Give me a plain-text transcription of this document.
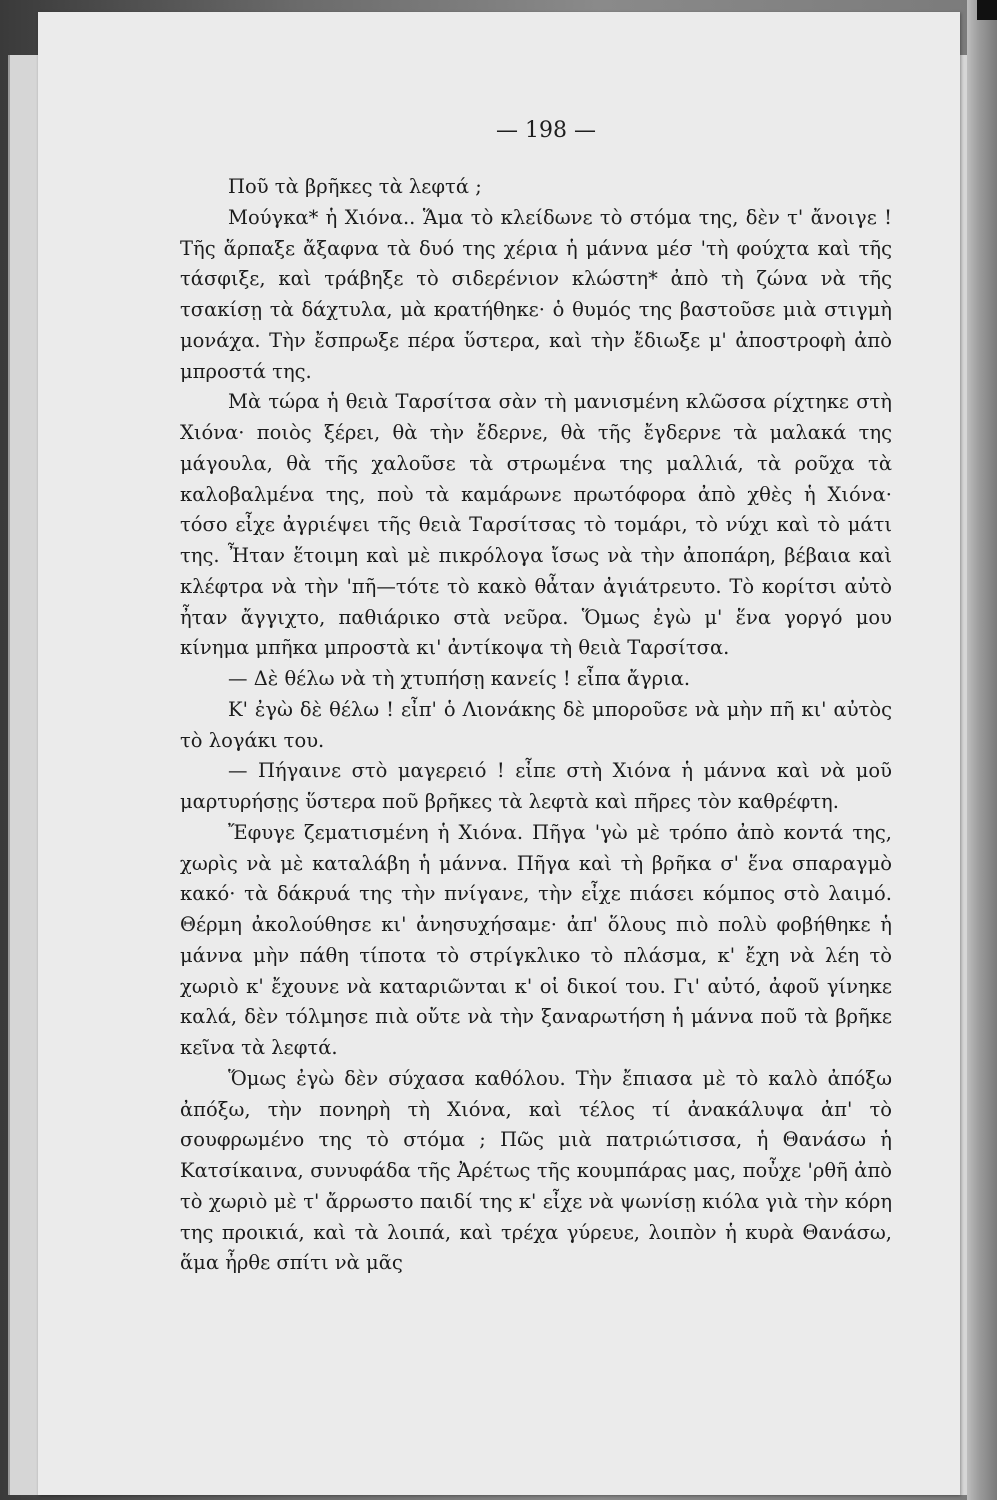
— 198 —

Ποῦ τὰ βρῆκες τὰ λεφτά ;

Μούγκα* ἡ Χιόνα.. Ἅμα τὸ κλείδωνε τὸ στόμα της, δὲν τ' ἄνοιγε ! Τῆς ἅρπαξε ἄξαφνα τὰ δυό της χέρια ἡ μάννα μέσ 'τὴ φούχτα καὶ τῆς τάσφιξε, καὶ τράβηξε τὸ σιδερένιον κλώστη* ἀπὸ τὴ ζώνα νὰ τῆς τσακίσῃ τὰ δάχτυλα, μὰ κρατήθηκε· ὁ θυμός της βαστοῦσε μιὰ στιγμὴ μονάχα. Τὴν ἔσπρωξε πέρα ὕστερα, καὶ τὴν ἔδιωξε μ' ἀποστροφὴ ἀπὸ μπροστά της.

Μὰ τώρα ἡ θειὰ Ταρσίτσα σὰν τὴ μανισμένη κλῶσσα ρίχτηκε στὴ Χιόνα· ποιὸς ξέρει, θὰ τὴν ἔδερνε, θὰ τῆς ἔγδερνε τὰ μαλακά της μάγουλα, θὰ τῆς χαλοῦσε τὰ στρωμένα της μαλλιά, τὰ ροῦχα τὰ καλοβαλμένα της, ποὺ τὰ καμάρωνε πρωτόφορα ἀπὸ χθὲς ἡ Χιόνα· τόσο εἶχε ἀγριέψει τῆς θειὰ Ταρσίτσας τὸ τομάρι, τὸ νύχι καὶ τὸ μάτι της. Ἦταν ἕτοιμη καὶ μὲ πικρόλογα ἴσως νὰ τὴν ἀποπάρη, βέβαια καὶ κλέφτρα νὰ τὴν 'πῆ—τότε τὸ κακὸ θἆταν ἀγιάτρευτο. Τὸ κορίτσι αὐτὸ ἦταν ἄγγιχτο, παθιάρικο στὰ νεῦρα. Ὅμως ἐγὼ μ' ἕνα γοργό μου κίνημα μπῆκα μπροστὰ κι' ἀντίκοψα τὴ θειὰ Ταρσίτσα.

— Δὲ θέλω νὰ τὴ χτυπήσῃ κανείς ! εἶπα ἄγρια.

Κ' ἐγὼ δὲ θέλω ! εἶπ' ὁ Λιονάκης δὲ μποροῦσε νὰ μὴν πῆ κι' αὐτὸς τὸ λογάκι του.

— Πήγαινε στὸ μαγερειό ! εἶπε στὴ Χιόνα ἡ μάννα καὶ νὰ μοῦ μαρτυρήσῃς ὕστερα ποῦ βρῆκες τὰ λεφτὰ καὶ πῆρες τὸν καθρέφτη.

Ἔφυγε ζεματισμένη ἡ Χιόνα. Πῆγα 'γὼ μὲ τρόπο ἀπὸ κοντά της, χωρὶς νὰ μὲ καταλάβη ἡ μάννα. Πῆγα καὶ τὴ βρῆκα σ' ἕνα σπαραγμὸ κακό· τὰ δάκρυά της τὴν πνίγανε, τὴν εἶχε πιάσει κόμπος στὸ λαιμό. Θέρμη ἀκολούθησε κι' ἀνησυχήσαμε· ἀπ' ὅλους πιὸ πολὺ φοβήθηκε ἡ μάννα μὴν πάθη τίποτα τὸ στρίγκλικο τὸ πλάσμα, κ' ἔχη νὰ λέη τὸ χωριὸ κ' ἔχουνε νὰ καταριῶνται κ' οἱ δικοί του. Γι' αὐτό, ἀφοῦ γίνηκε καλά, δὲν τόλμησε πιὰ οὔτε νὰ τὴν ξαναρωτήση ἡ μάννα ποῦ τὰ βρῆκε κεῖνα τὰ λεφτά.

Ὅμως ἐγὼ δὲν σύχασα καθόλου. Τὴν ἔπιασα μὲ τὸ καλὸ ἀπόξω ἀπόξω, τὴν πονηρὴ τὴ Χιόνα, καὶ τέλος τί ἀνακάλυψα ἀπ' τὸ σουφρωμένο της τὸ στόμα ; Πῶς μιὰ πατριώτισσα, ἡ Θανάσω ἡ Κατσίκαινα, συνυφάδα τῆς Ἀρέτως τῆς κουμπάρας μας, ποὖχε 'ρθῆ ἀπὸ τὸ χωριὸ μὲ τ' ἄρρωστο παιδί της κ' εἶχε νὰ ψωνίσῃ κιόλα γιὰ τὴν κόρη της προικιά, καὶ τὰ λοιπά, καὶ τρέχα γύρευε, λοιπὸν ἡ κυρὰ Θανάσω, ἅμα ἦρθε σπίτι νὰ μᾶς
